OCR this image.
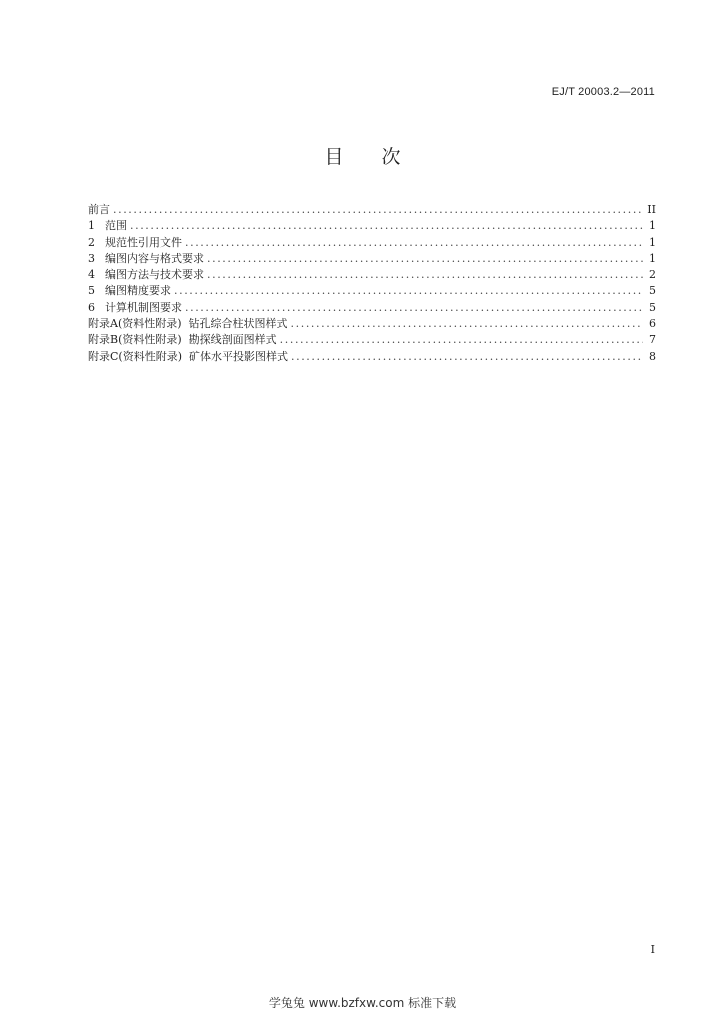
EJ/T 20003.2—2011
目次
前言 .....	II
1 范围 .....	1
2 规范性引用文件 .....	1
3 编图内容与格式要求 .....	1
4 编图方法与技术要求 .....	2
5 编图精度要求 .....	5
6 计算机制图要求 .....	5
附录A(资料性附录)  钻孔综合柱状图样式 .....	6
附录B(资料性附录)  勘探线剖面图样式 .....	7
附录C(资料性附录)  矿体水平投影图样式 .....	8
I
学兔兔 www.bzfxw.com 标准下载
